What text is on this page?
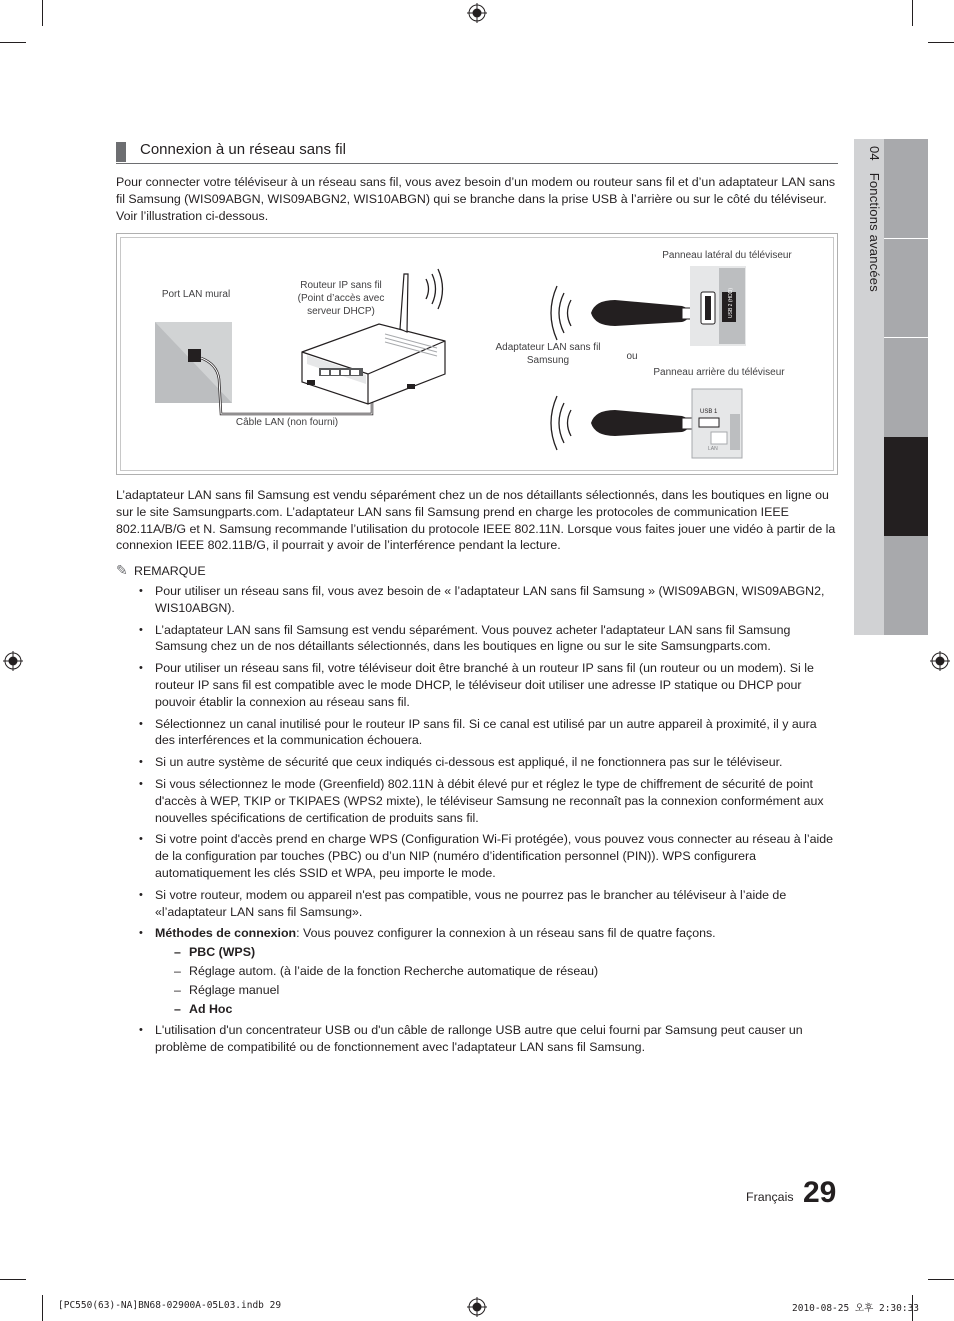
04 Fonctions avancées
Connexion à un réseau sans fil
Pour connecter votre téléviseur à un réseau sans fil, vous avez besoin d’un modem ou routeur sans fil et d’un adaptateur LAN sans fil Samsung (WIS09ABGN, WIS09ABGN2, WIS10ABGN) qui se branche dans la prise USB à l’arrière ou sur le côté du téléviseur. Voir l’illustration ci-dessous.
USB 2 (HDD)
USB 1
LAN
Port LAN mural
Routeur IP sans fil
(Point d’accès avec
serveur DHCP)
Câble LAN (non fourni)
Adaptateur LAN sans fil
Samsung	ou
Panneau latéral du téléviseur
Panneau arrière du téléviseur
L’adaptateur LAN sans fil Samsung est vendu séparément chez un de nos détaillants sélectionnés, dans les boutiques en ligne ou sur le site Samsungparts.com. L’adaptateur LAN sans fil Samsung prend en charge les protocoles de communication IEEE 802.11A/B/G et N. Samsung recommande l’utilisation du protocole IEEE 802.11N. Lorsque vous faites jouer une vidéo à partir de la connexion IEEE 802.11B/G, il pourrait y avoir de l’interférence pendant la lecture.
✎ REMARQUE
• Pour utiliser un réseau sans fil, vous avez besoin de « l’adaptateur LAN sans fil Samsung » (WIS09ABGN, WIS09ABGN2, WIS10ABGN).
• L’adaptateur LAN sans fil Samsung est vendu séparément. Vous pouvez acheter l'adaptateur LAN sans fil Samsung Samsung chez un de nos détaillants sélectionnés, dans les boutiques en ligne ou sur le site Samsungparts.com.
• Pour utiliser un réseau sans fil, votre téléviseur doit être branché à un routeur IP sans fil (un routeur ou un modem). Si le routeur IP sans fil est compatible avec le mode DHCP, le téléviseur doit utiliser une adresse IP statique ou DHCP pour pouvoir établir la connexion au réseau sans fil.
• Sélectionnez un canal inutilisé pour le routeur IP sans fil. Si ce canal est utilisé par un autre appareil à proximité, il y aura des interférences et la communication échouera.
• Si un autre système de sécurité que ceux indiqués ci-dessous est appliqué, il ne fonctionnera pas sur le téléviseur.
• Si vous sélectionnez le mode (Greenfield) 802.11N à débit élevé pur et réglez le type de chiffrement de sécurité de point d'accès à WEP, TKIP or TKIPAES (WPS2 mixte), le téléviseur Samsung ne reconnaît pas la connexion conformément aux nouvelles spécifications de certification de produits sans fil.
• Si votre point d'accès prend en charge WPS (Configuration Wi-Fi protégée), vous pouvez vous connecter au réseau à l’aide de la configuration par touches (PBC) ou d’un NIP (numéro d’identification personnel (PIN)). WPS configurera automatiquement les clés SSID et WPA, peu importe le mode.
• Si votre routeur, modem ou appareil n'est pas compatible, vous ne pourrez pas le brancher au téléviseur à l’aide de «l’adaptateur LAN sans fil Samsung».
• Méthodes de connexion: Vous pouvez configurer la connexion à un réseau sans fil de quatre façons.
– PBC (WPS)
– Réglage autom. (à l’aide de la fonction Recherche automatique de réseau)
– Réglage manuel
– Ad Hoc
• L'utilisation d'un concentrateur USB ou d'un câble de rallonge USB autre que celui fourni par Samsung peut causer un problème de compatibilité ou de fonctionnement avec l'adaptateur LAN sans fil Samsung.
Français 29
[PC550(63)-NA]BN68-02900A-05L03.indb 29	2010-08-25 오후 2:30:33
